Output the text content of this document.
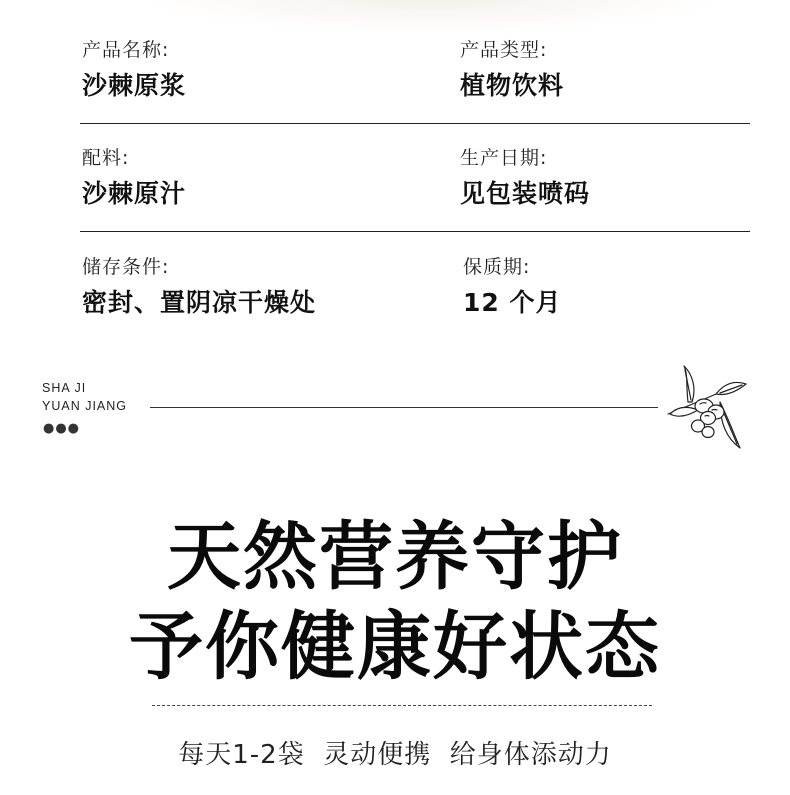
产品名称:
沙棘原浆
产品类型:
植物饮料
配料:
沙棘原汁
生产日期:
见包装喷码
储存条件:
密封、置阴凉干燥处
保质期:
12 个月
SHA JI
YUAN JIANG
●●●
天然营养守护
予你健康好状态
每天1-2袋  灵动便携  给身体添动力
